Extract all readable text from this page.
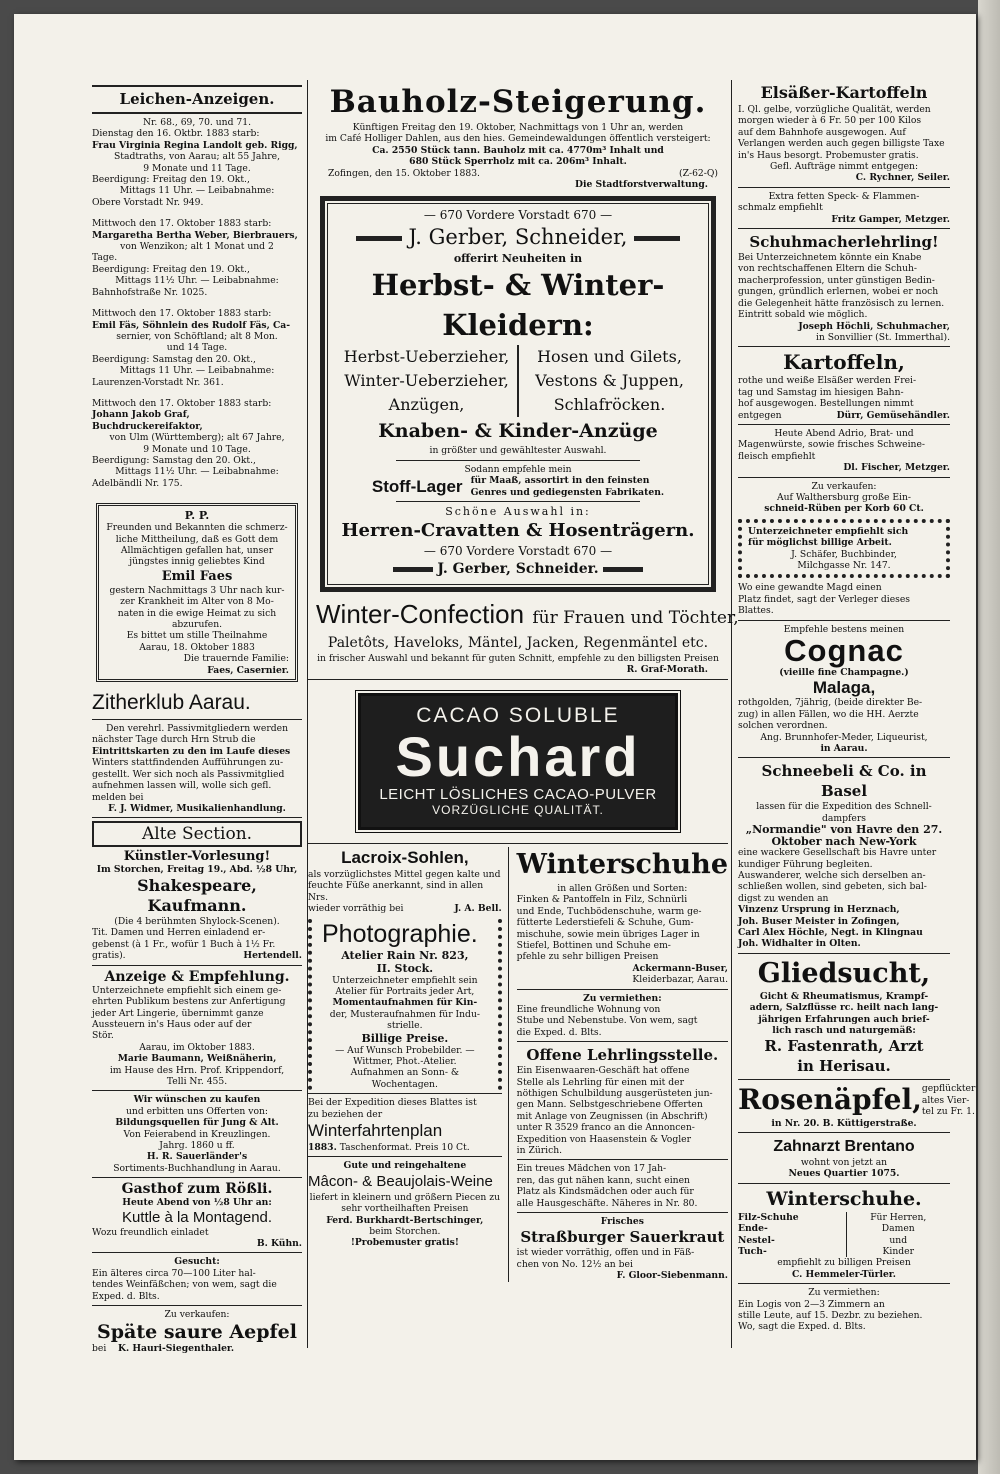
Leichen-Anzeigen.

Nr. 68., 69, 70. und 71.

Dienstag den 16. Oktbr. 1883 starb:

Frau Virginia Regina Landolt geb. Rigg,

Stadtraths, von Aarau; alt 55 Jahre,

9 Monate und 11 Tage.

Beerdigung: Freitag den 19. Okt.,

Mittags 11 Uhr. — Leibabnahme:

Obere Vorstadt Nr. 949.

Mittwoch den 17. Oktober 1883 starb:

Margaretha Bertha Weber, Bierbrauers,

von Wenzikon; alt 1 Monat und 2

Tage.

Beerdigung: Freitag den 19. Okt.,

Mittags 11½ Uhr. — Leibabnahme:

Bahnhofstraße Nr. 1025.

Mittwoch den 17. Oktober 1883 starb:

Emil Fäs, Söhnlein des Rudolf Fäs, Ca-

sernier, von Schöftland; alt 8 Mon.

und 14 Tage.

Beerdigung: Samstag den 20. Okt.,

Mittags 11 Uhr. — Leibabnahme:

Laurenzen-Vorstadt Nr. 361.

Mittwoch den 17. Oktober 1883 starb:

Johann Jakob Graf, Buchdruckereifaktor,

von Ulm (Württemberg); alt 67 Jahre,

9 Monate und 10 Tage.

Beerdigung: Samstag den 20. Okt.,

Mittags 11½ Uhr. — Leibabnahme:

Adelbändli Nr. 175.

P. P.

Freunden und Bekannten die schmerz-

liche Mittheilung, daß es Gott dem

Allmächtigen gefallen hat, unser

jüngstes innig geliebtes Kind

Emil Faes

gestern Nachmittags 3 Uhr nach kur-

zer Krankheit im Alter von 8 Mo-

naten in die ewige Heimat zu sich

abzurufen.

Es bittet um stille Theilnahme

Aarau, 18. Oktober 1883

Die trauernde Familie:

Faes, Casernier.

Zitherklub Aarau.

Den verehrl. Passivmitgliedern werden

nächster Tage durch Hrn Strub die

Eintrittskarten zu den im Laufe dieses

Winters stattfindenden Aufführungen zu-

gestellt. Wer sich noch als Passivmitglied

aufnehmen lassen will, wolle sich gefl.

melden bei

F. J. Widmer, Musikalienhandlung.

Alte Section.

Künstler-Vorlesung!

Im Storchen, Freitag 19., Abd. ½8 Uhr,

Shakespeare, Kaufmann.

(Die 4 berühmten Shylock-Scenen).

Tit. Damen und Herren einladend er-

gebenst (à 1 Fr., wofür 1 Buch à 1½ Fr.

gratis).	Hertendell.

Anzeige & Empfehlung.

Unterzeichnete empfiehlt sich einem ge-

ehrten Publikum bestens zur Anfertigung

jeder Art Lingerie, übernimmt ganze

Aussteuern in's Haus oder auf der

Stör.

Aarau, im Oktober 1883.

Marie Baumann, Weißnäherin,

im Hause des Hrn. Prof. Krippendorf,

Telli Nr. 455.

Wir wünschen zu kaufen

und erbitten uns Offerten von:

Bildungsquellen für Jung & Alt.

Von Feierabend in Kreuzlingen.

Jahrg. 1860 u ff.

H. R. Sauerländer's

Sortiments-Buchhandlung in Aarau.

Gasthof zum Rößli.

Heute Abend von ½8 Uhr an:

Kuttle à la Montagend.

Wozu freundlich einladet

B. Kühn.

Gesucht:

Ein älteres circa 70—100 Liter hal-

tendes Weinfäßchen; von wem, sagt die

Exped. d. Blts.

Zu verkaufen:

Späte saure Aepfel

bei K. Hauri-Siegenthaler.

Bauholz-Steigerung.

Künftigen Freitag den 19. Oktober, Nachmittags von 1 Uhr an, werden

im Café Holliger Dahlen, aus den hies. Gemeindewaldungen öffentlich versteigert:

Ca. 2550 Stück tann. Bauholz mit ca. 4770m³ Inhalt und

680 Stück Sperrholz mit ca. 206m³ Inhalt.

Zofingen, den 15. Oktober 1883.	(Z-62-Q)

Die Stadtforstverwaltung.

— 670 Vordere Vorstadt 670 —

J. Gerber, Schneider,

offerirt Neuheiten in

Herbst- & Winter-Kleidern:

Herbst-Ueberzieher,

Winter-Ueberzieher,

Anzügen,

Hosen und Gilets,

Vestons & Juppen,

Schlafröcken.

Knaben- & Kinder-Anzüge

in größter und gewähltester Auswahl.

Sodann empfehle mein

Stoff-Lager für Maaß, assortirt in den feinsten

Genres und gediegensten Fabrikaten.

Schöne Auswahl in:

Herren-Cravatten & Hosenträgern.

— 670 Vordere Vorstadt 670 —

J. Gerber, Schneider.

Winter-Confection für Frauen und Töchter,

Paletôts, Haveloks, Mäntel, Jacken, Regenmäntel etc.

in frischer Auswahl und bekannt für guten Schnitt, empfehle zu den billigsten Preisen

R. Graf-Morath.

CACAO SOLUBLE

Suchard

LEICHT LÖSLICHES CACAO-PULVER

VORZÜGLICHE QUALITÄT.

Lacroix-Sohlen,

als vorzüglichstes Mittel gegen kalte und

feuchte Füße anerkannt, sind in allen Nrs.

wieder vorräthig bei	J. A. Bell.

Photographie.

Atelier Rain Nr. 823,

II. Stock.

Unterzeichneter empfiehlt sein

Atelier für Portraits jeder Art,

Momentaufnahmen für Kin-

der, Musteraufnahmen für Indu-

strielle.

Billige Preise.

— Auf Wunsch Probebilder. —

Wittmer, Phot.-Atelier.

Aufnahmen an Sonn- & Wochentagen.

Bei der Expedition dieses Blattes ist

zu beziehen der

Winterfahrtenplan

1883. Taschenformat. Preis 10 Ct.

Gute und reingehaltene

Mâcon- & Beaujolais-Weine

liefert in kleinern und größern Piecen zu

sehr vortheilhaften Preisen

Ferd. Burkhardt-Bertschinger,

beim Storchen.

!Probemuster gratis!

Winterschuhe

in allen Größen und Sorten:

Finken & Pantoffeln in Filz, Schnürli

und Ende, Tuchbödenschuhe, warm ge-

fütterte Lederstiefeli & Schuhe, Gum-

mischuhe, sowie mein übriges Lager in

Stiefel, Bottinen und Schuhe em-

pfehle zu sehr billigen Preisen

Ackermann-Buser,

Kleiderbazar, Aarau.

Zu vermiethen:

Eine freundliche Wohnung von

Stube und Nebenstube. Von wem, sagt

die Exped. d. Blts.

Offene Lehrlingsstelle.

Ein Eisenwaaren-Geschäft hat offene

Stelle als Lehrling für einen mit der

nöthigen Schulbildung ausgerüsteten jun-

gen Mann. Selbstgeschriebene Offerten

mit Anlage von Zeugnissen (in Abschrift)

unter R 3529 franco an die Annoncen-

Expedition von Haasenstein & Vogler

in Zürich.

Ein treues Mädchen von 17 Jah-

ren, das gut nähen kann, sucht einen

Platz als Kindsmädchen oder auch für

alle Hausgeschäfte. Näheres in Nr. 80.

Frisches

Straßburger Sauerkraut

ist wieder vorräthig, offen und in Fäß-

chen von No. 12½ an bei

F. Gloor-Siebenmann.

Elsäßer-Kartoffeln

I. Ql. gelbe, vorzügliche Qualität, werden

morgen wieder à 6 Fr. 50 per 100 Kilos

auf dem Bahnhofe ausgewogen. Auf

Verlangen werden auch gegen billigste Taxe

in's Haus besorgt. Probemuster gratis.

Gefl. Aufträge nimmt entgegen:

C. Rychner, Seiler.

Extra fetten Speck- & Flammen-

schmalz empfiehlt

Fritz Gamper, Metzger.

Schuhmacherlehrling!

Bei Unterzeichnetem könnte ein Knabe

von rechtschaffenen Eltern die Schuh-

macherprofession, unter günstigen Bedin-

gungen, gründlich erlernen, wobei er noch

die Gelegenheit hätte französisch zu lernen.

Eintritt sobald wie möglich.

Joseph Höchli, Schuhmacher,

in Sonvillier (St. Immerthal).

Kartoffeln,

rothe und weiße Elsäßer werden Frei-

tag und Samstag im hiesigen Bahn-

hof ausgewogen. Bestellungen nimmt

entgegen	Dürr, Gemüsehändler.

Heute Abend Adrio, Brat- und

Magenwürste, sowie frisches Schweine-

fleisch empfiehlt

Dl. Fischer, Metzger.

Zu verkaufen:

Auf Walthersburg große Ein-

schneid-Rüben per Korb 60 Ct.

Unterzeichneter empfiehlt sich

für möglichst billige Arbeit.

J. Schäfer, Buchbinder,

Milchgasse Nr. 147.

Wo eine gewandte Magd einen

Platz findet, sagt der Verleger dieses

Blattes.

Empfehle bestens meinen

Cognac

(vieille fine Champagne.)

Malaga,

rothgolden, 7jährig, (beide direkter Be-

zug) in allen Fällen, wo die HH. Aerzte

solchen verordnen.

Ang. Brunnhofer-Meder, Liqueurist,

in Aarau.

Schneebeli & Co. in Basel

lassen für die Expedition des Schnell-

dampfers

„Normandie" von Havre den 27.

Oktober nach New-York

eine wackere Gesellschaft bis Havre unter

kundiger Führung begleiten.

Auswanderer, welche sich derselben an-

schließen wollen, sind gebeten, sich bal-

digst zu wenden an

Vinzenz Ursprung in Herznach,

Joh. Buser Meister in Zofingen,

Carl Alex Höchle, Negt. in Klingnau

Joh. Widhalter in Olten.

Gliedsucht,

Gicht & Rheumatismus, Krampf-

adern, Salzflüsse rc. heilt nach lang-

jährigen Erfahrungen auch brief-

lich rasch und naturgemäß:

R. Fastenrath, Arzt

in Herisau.

Rosenäpfel, gepflückter

altes Vier-

tel zu Fr. 1.

in Nr. 20. B. Küttigerstraße.

Zahnarzt Brentano

wohnt von jetzt an

Neues Quartier 1075.

Winterschuhe.

Filz-Schuhe

Ende-

Nestel-

Tuch-

Für Herren,

Damen

und

Kinder

empfiehlt zu billigen Preisen

C. Hemmeler-Türler.

Zu vermiethen:

Ein Logis von 2—3 Zimmern an

stille Leute, auf 15. Dezbr. zu beziehen.

Wo, sagt die Exped. d. Blts.
